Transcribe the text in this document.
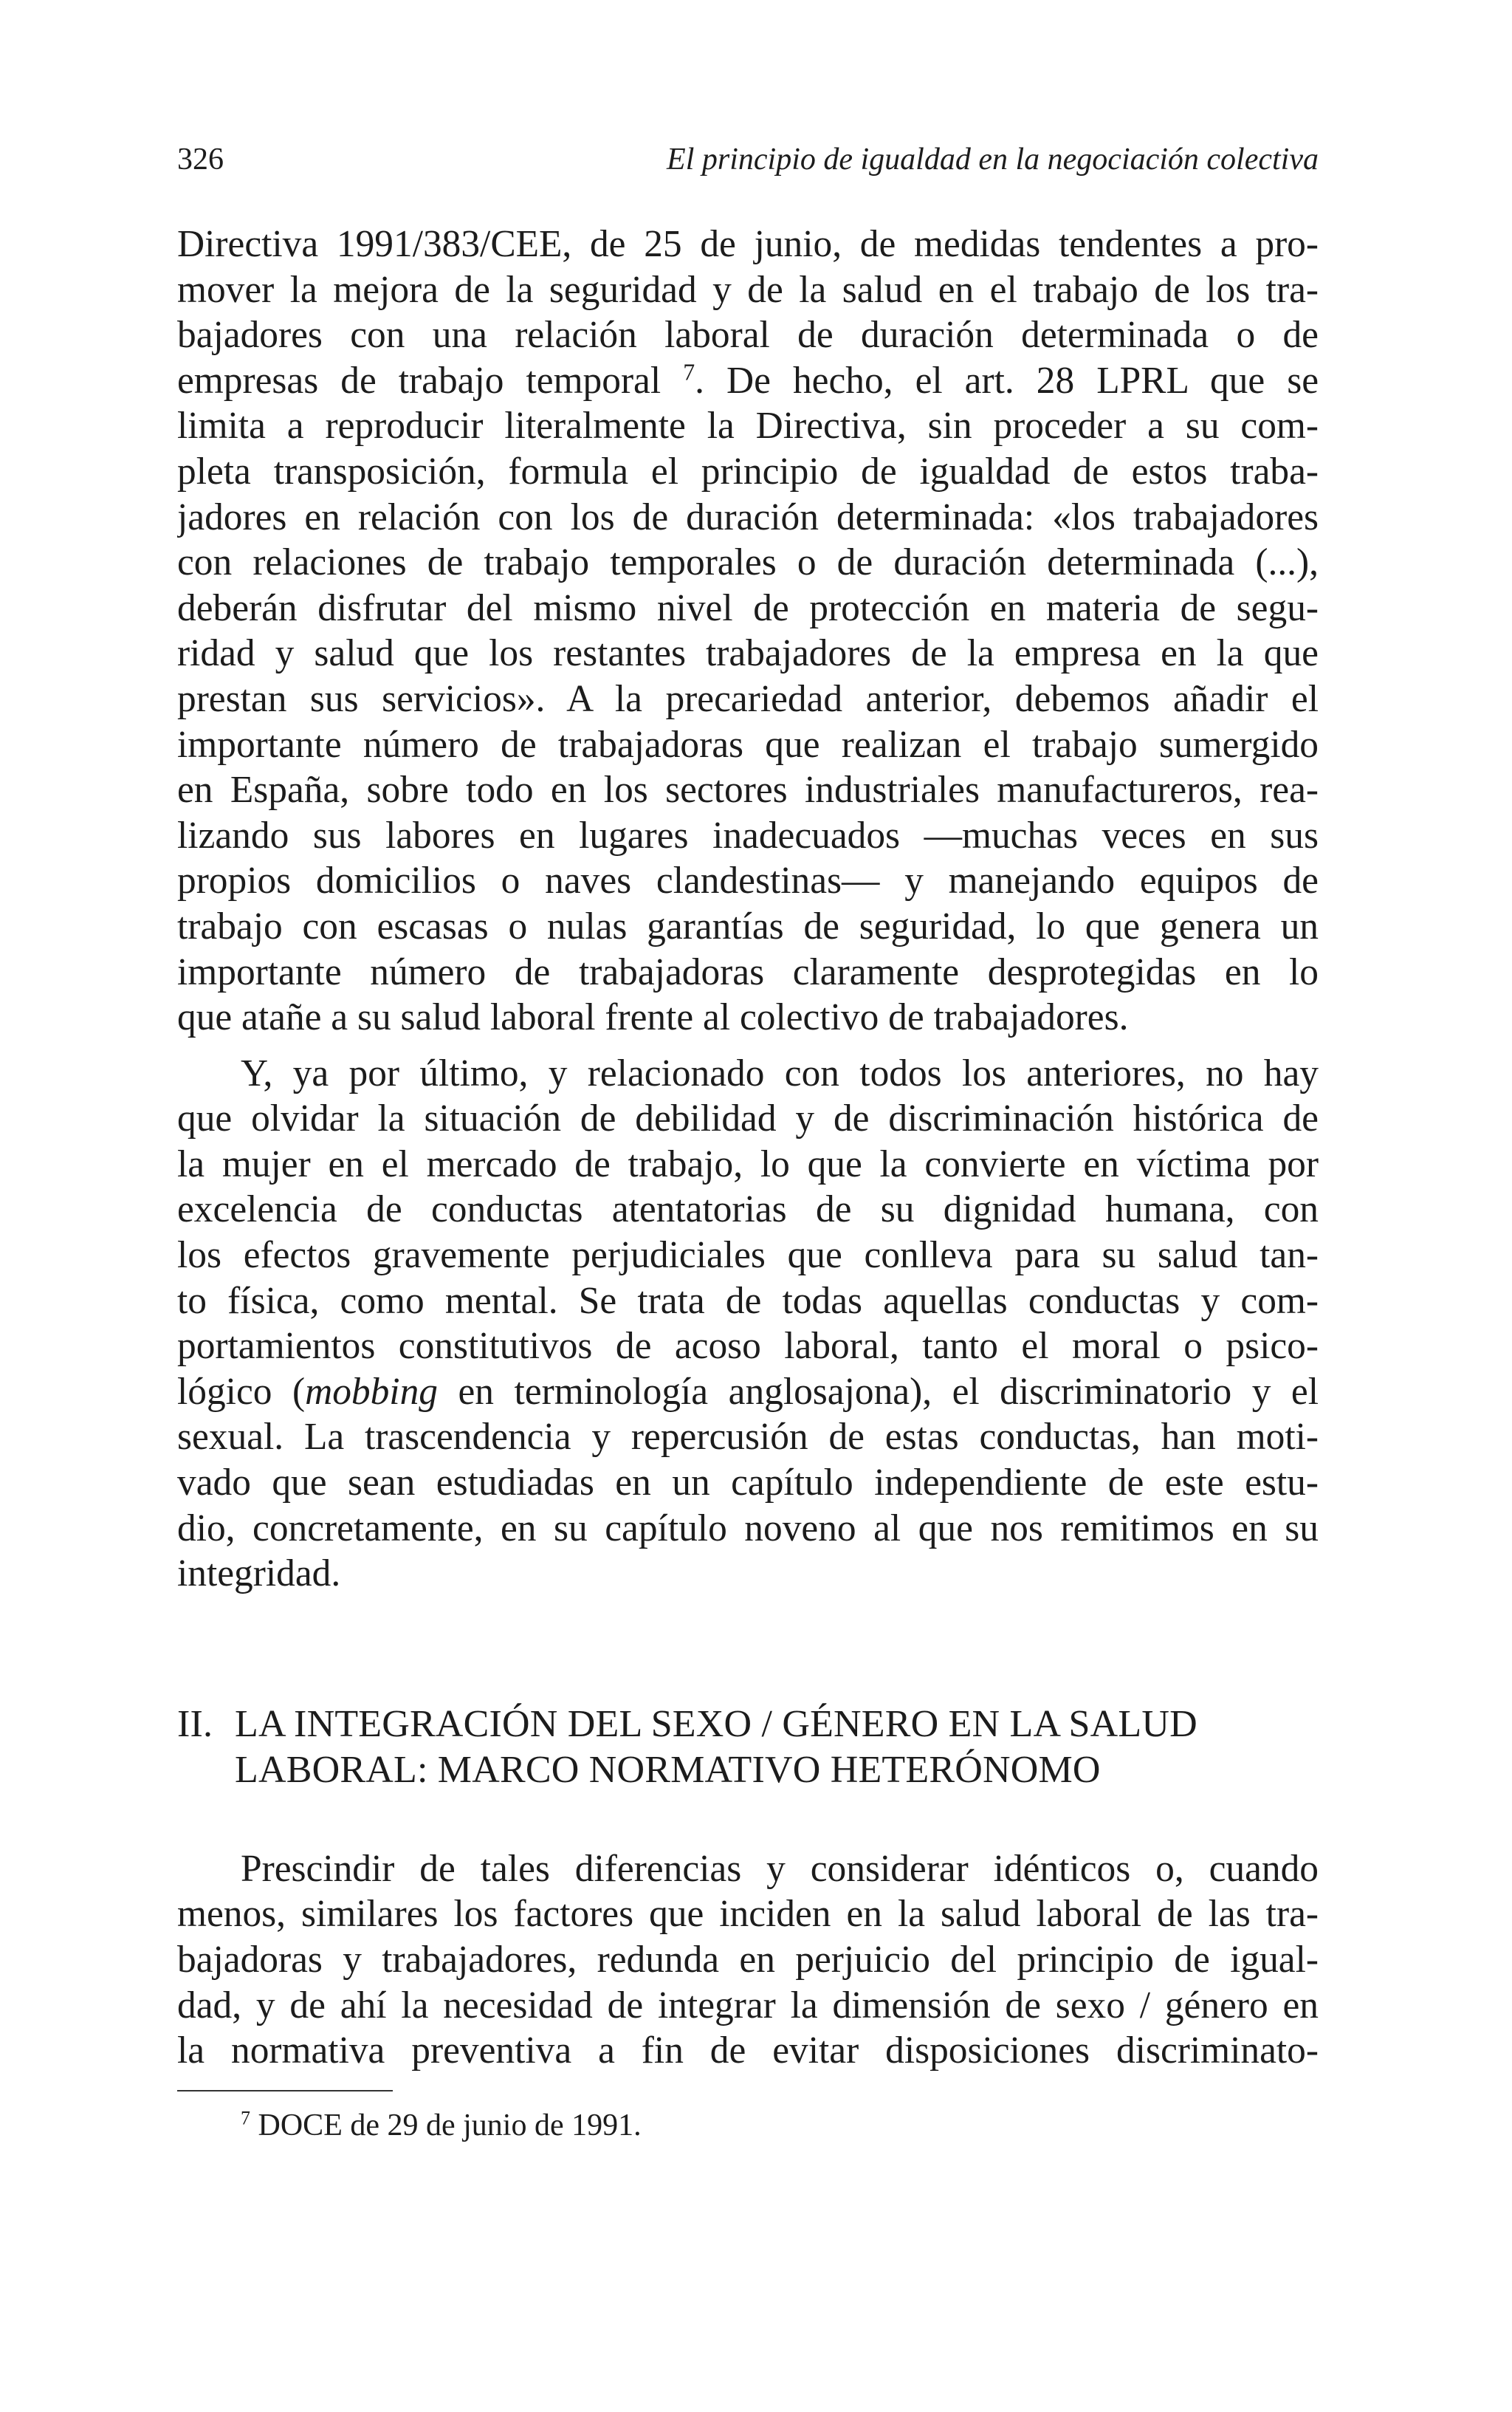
326	El principio de igualdad en la negociación colectiva

Directiva 1991/383/CEE, de 25 de junio, de medidas tendentes a pro-
mover la mejora de la seguridad y de la salud en el trabajo de los tra-
bajadores con una relación laboral de duración determinada o de
empresas de trabajo temporal $^7$. De hecho, el art. 28 LPRL que se
limita a reproducir literalmente la Directiva, sin proceder a su com-
pleta transposición, formula el principio de igualdad de estos traba-
jadores en relación con los de duración determinada: «los trabajadores
con relaciones de trabajo temporales o de duración determinada (...),
deberán disfrutar del mismo nivel de protección en materia de segu-
ridad y salud que los restantes trabajadores de la empresa en la que
prestan sus servicios». A la precariedad anterior, debemos añadir el
importante número de trabajadoras que realizan el trabajo sumergido
en España, sobre todo en los sectores industriales manufactureros, rea-
lizando sus labores en lugares inadecuados —muchas veces en sus
propios domicilios o naves clandestinas— y manejando equipos de
trabajo con escasas o nulas garantías de seguridad, lo que genera un
importante número de trabajadoras claramente desprotegidas en lo
que atañe a su salud laboral frente al colectivo de trabajadores.

Y, ya por último, y relacionado con todos los anteriores, no hay
que olvidar la situación de debilidad y de discriminación histórica de
la mujer en el mercado de trabajo, lo que la convierte en víctima por
excelencia de conductas atentatorias de su dignidad humana, con
los efectos gravemente perjudiciales que conlleva para su salud tan-
to física, como mental. Se trata de todas aquellas conductas y com-
portamientos constitutivos de acoso laboral, tanto el moral o psico-
lógico (mobbing en terminología anglosajona), el discriminatorio y el
sexual. La trascendencia y repercusión de estas conductas, han moti-
vado que sean estudiadas en un capítulo independiente de este estu-
dio, concretamente, en su capítulo noveno al que nos remitimos en su
integridad.

II. LA INTEGRACIÓN DEL SEXO / GÉNERO EN LA SALUD
LABORAL: MARCO NORMATIVO HETERÓNOMO

Prescindir de tales diferencias y considerar idénticos o, cuando
menos, similares los factores que inciden en la salud laboral de las tra-
bajadoras y trabajadores, redunda en perjuicio del principio de igual-
dad, y de ahí la necesidad de integrar la dimensión de sexo / género en
la normativa preventiva a fin de evitar disposiciones discriminato-

$^7$ DOCE de 29 de junio de 1991.
